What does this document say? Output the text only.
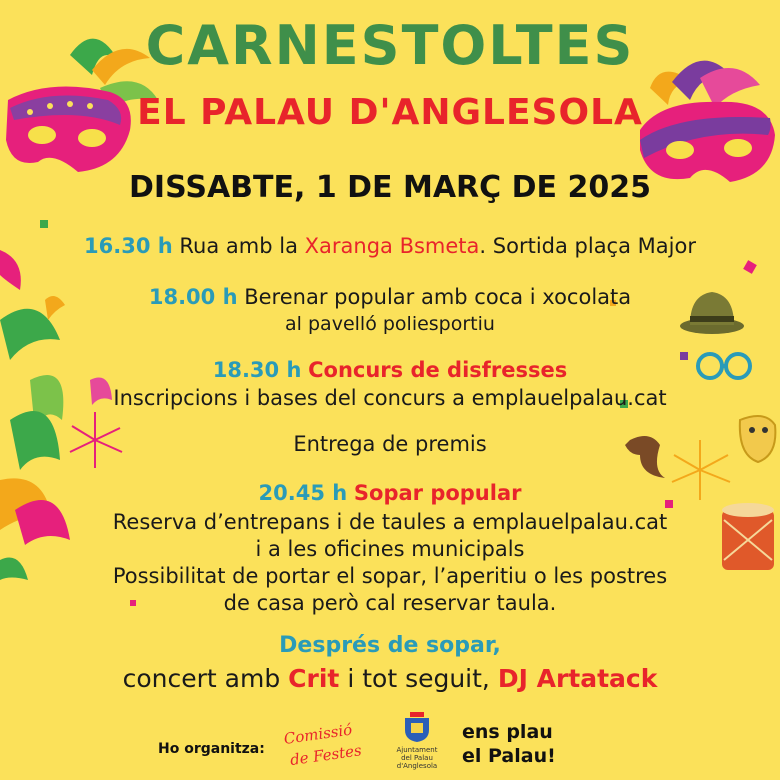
CARNESTOLTES
EL PALAU D'ANGLESOLA
DISSABTE, 1 DE MARÇ DE 2025
16.30 h Rua amb la Xaranga Bsmeta. Sortida plaça Major
18.00 h Berenar popular amb coca i xocolata
al pavelló poliesportiu
18.30 h Concurs de disfresses
Inscripcions i bases del concurs a emplauelpalau.cat
Entrega de premis
20.45 h Sopar popular
Reserva d’entrepans i de taules a emplauelpalau.cat
i a les oficines municipals
Possibilitat de portar el sopar, l’aperitiu o les postres
de casa però cal reservar taula.
Després de sopar,
concert amb Crit i tot seguit, DJ Artatack
Ho organitza:
Comissió
de Festes	Ajuntament
del Palau d'Anglesola
ens plau
el Palau!
